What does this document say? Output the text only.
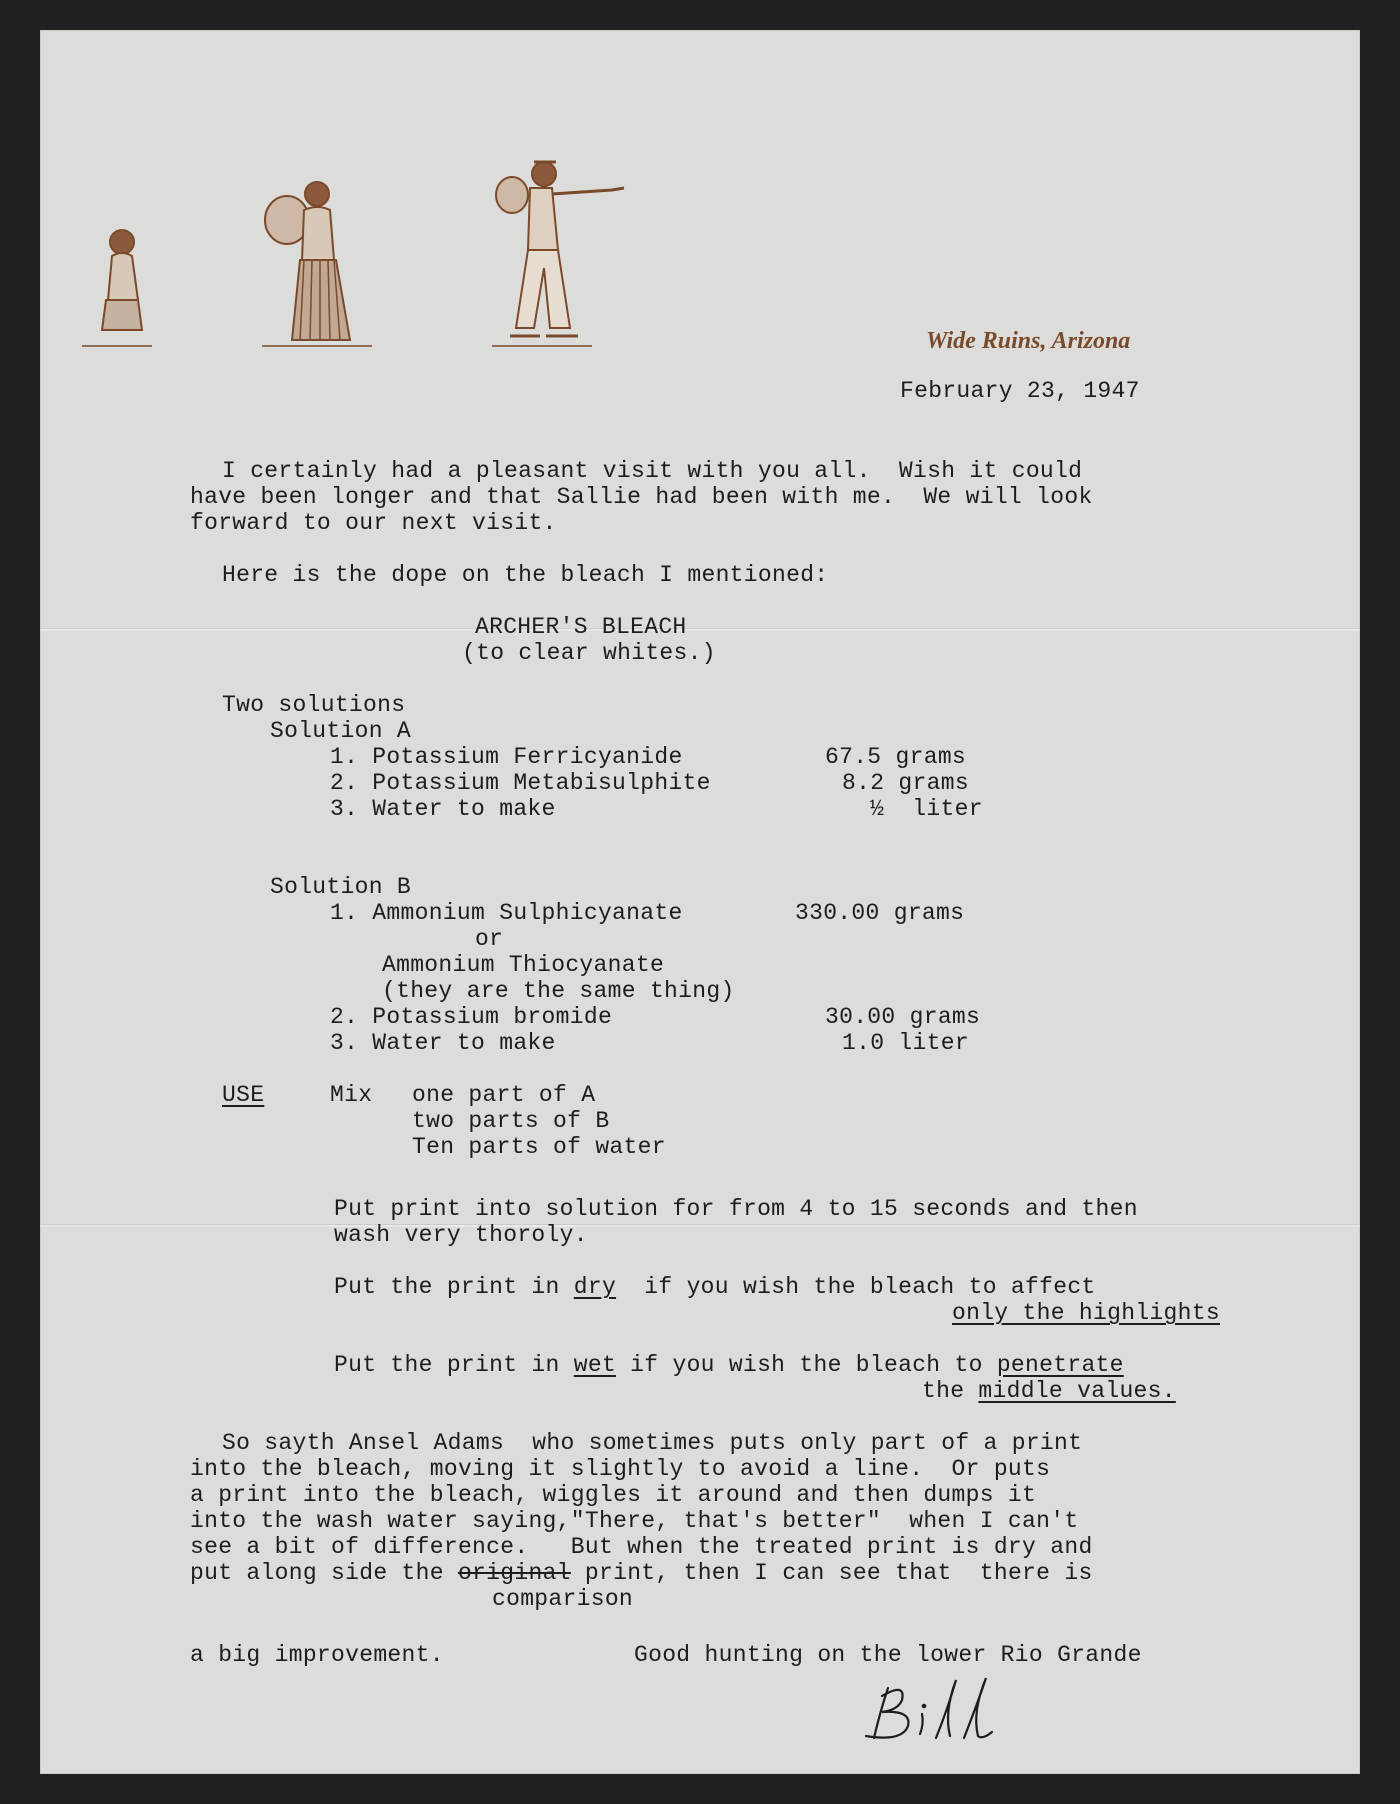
Wide Ruins, Arizona
February 23, 1947
I certainly had a pleasant visit with you all.  Wish it could
have been longer and that Sallie had been with me.  We will look
forward to our next visit.
Here is the dope on the bleach I mentioned:
ARCHER'S BLEACH
(to clear whites.)
Two solutions
Solution A
1. Potassium Ferricyanide	67.5 grams
2. Potassium Metabisulphite	8.2 grams
3. Water to make	½  liter
Solution B
1. Ammonium Sulphicyanate	330.00 grams
or
Ammonium Thiocyanate
(they are the same thing)
2. Potassium bromide	30.00 grams
3. Water to make	1.0 liter
USE	Mix one part of A
two parts of B
Ten parts of water
Put print into solution for from 4 to 15 seconds and then
wash very thoroly.
Put the print in dry  if you wish the bleach to affect
only the highlights
Put the print in wet if you wish the bleach to penetrate
the middle values.
So sayth Ansel Adams  who sometimes puts only part of a print
into the bleach, moving it slightly to avoid a line.  Or puts
a print into the bleach, wiggles it around and then dumps it
into the wash water saying,"There, that's better"  when I can't
see a bit of difference.   But when the treated print is dry and
put along side the original print, then I can see that  there is
comparison
a big improvement.	Good hunting on the lower Rio Grande
